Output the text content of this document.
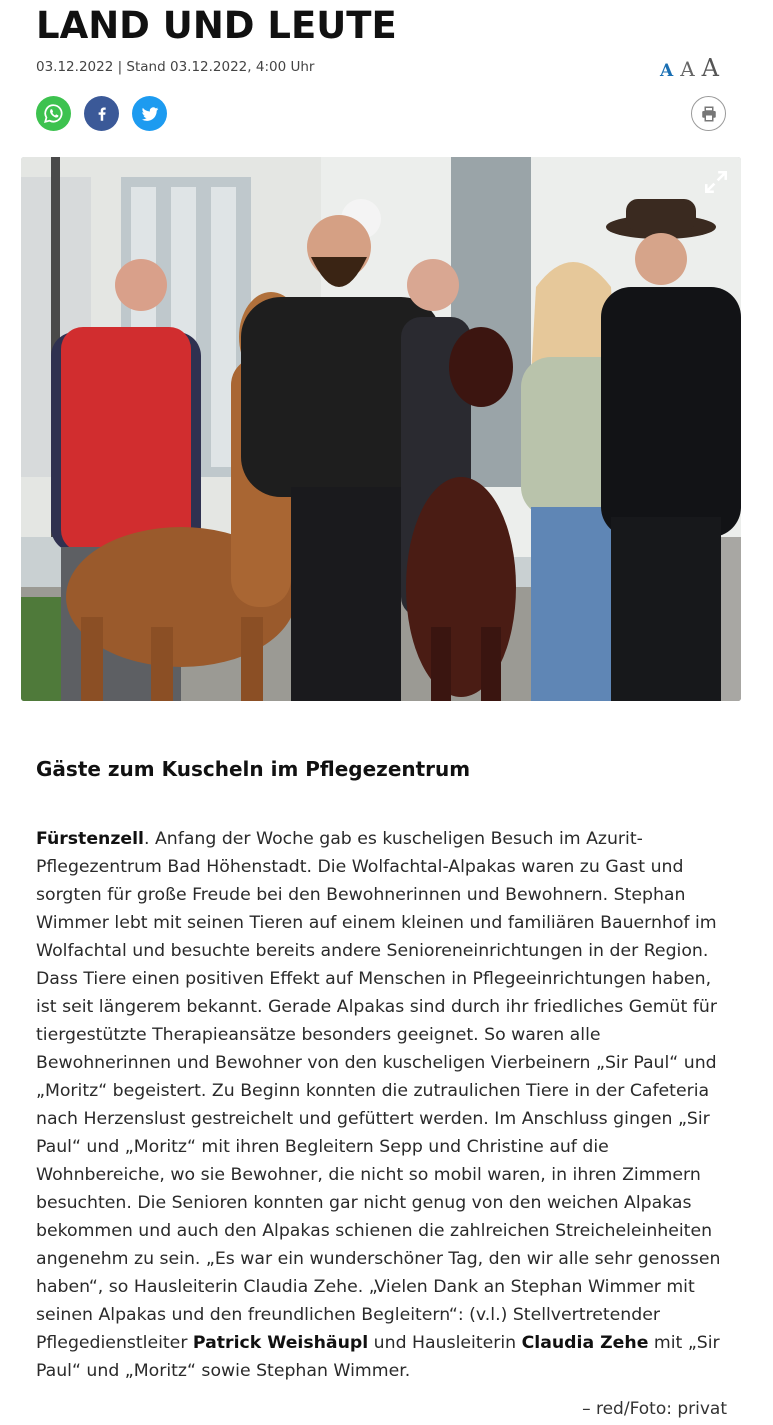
LAND UND LEUTE
03.12.2022 | Stand 03.12.2022, 4:00 Uhr	A A A
Gäste zum Kuscheln im Pflegezentrum

Fürstenzell. Anfang der Woche gab es kuscheligen Besuch im Azurit-Pflegezentrum Bad Höhenstadt. Die Wolfachtal-Alpakas waren zu Gast und sorgten für große Freude bei den Bewohnerinnen und Bewohnern. Stephan Wimmer lebt mit seinen Tieren auf einem kleinen und familiären Bauernhof im Wolfachtal und besuchte bereits andere Senioreneinrichtungen in der Region. Dass Tiere einen positiven Effekt auf Menschen in Pflegeeinrichtungen haben, ist seit längerem bekannt. Gerade Alpakas sind durch ihr friedliches Gemüt für tiergestützte Therapieansätze besonders geeignet. So waren alle Bewohnerinnen und Bewohner von den kuscheligen Vierbeinern „Sir Paul“ und „Moritz“ begeistert. Zu Beginn konnten die zutraulichen Tiere in der Cafeteria nach Herzenslust gestreichelt und gefüttert werden. Im Anschluss gingen „Sir Paul“ und „Moritz“ mit ihren Begleitern Sepp und Christine auf die Wohnbereiche, wo sie Bewohner, die nicht so mobil waren, in ihren Zimmern besuchten. Die Senioren konnten gar nicht genug von den weichen Alpakas bekommen und auch den Alpakas schienen die zahlreichen Streicheleinheiten angenehm zu sein. „Es war ein wunderschöner Tag, den wir alle sehr genossen haben“, so Hausleiterin Claudia Zehe. „Vielen Dank an Stephan Wimmer mit seinen Alpakas und den freundlichen Begleitern“: (v.l.) Stellvertretender Pflegedienstleiter Patrick Weishäupl und Hausleiterin Claudia Zehe mit „Sir Paul“ und „Moritz“ sowie Stephan Wimmer.

– red/Foto: privat
